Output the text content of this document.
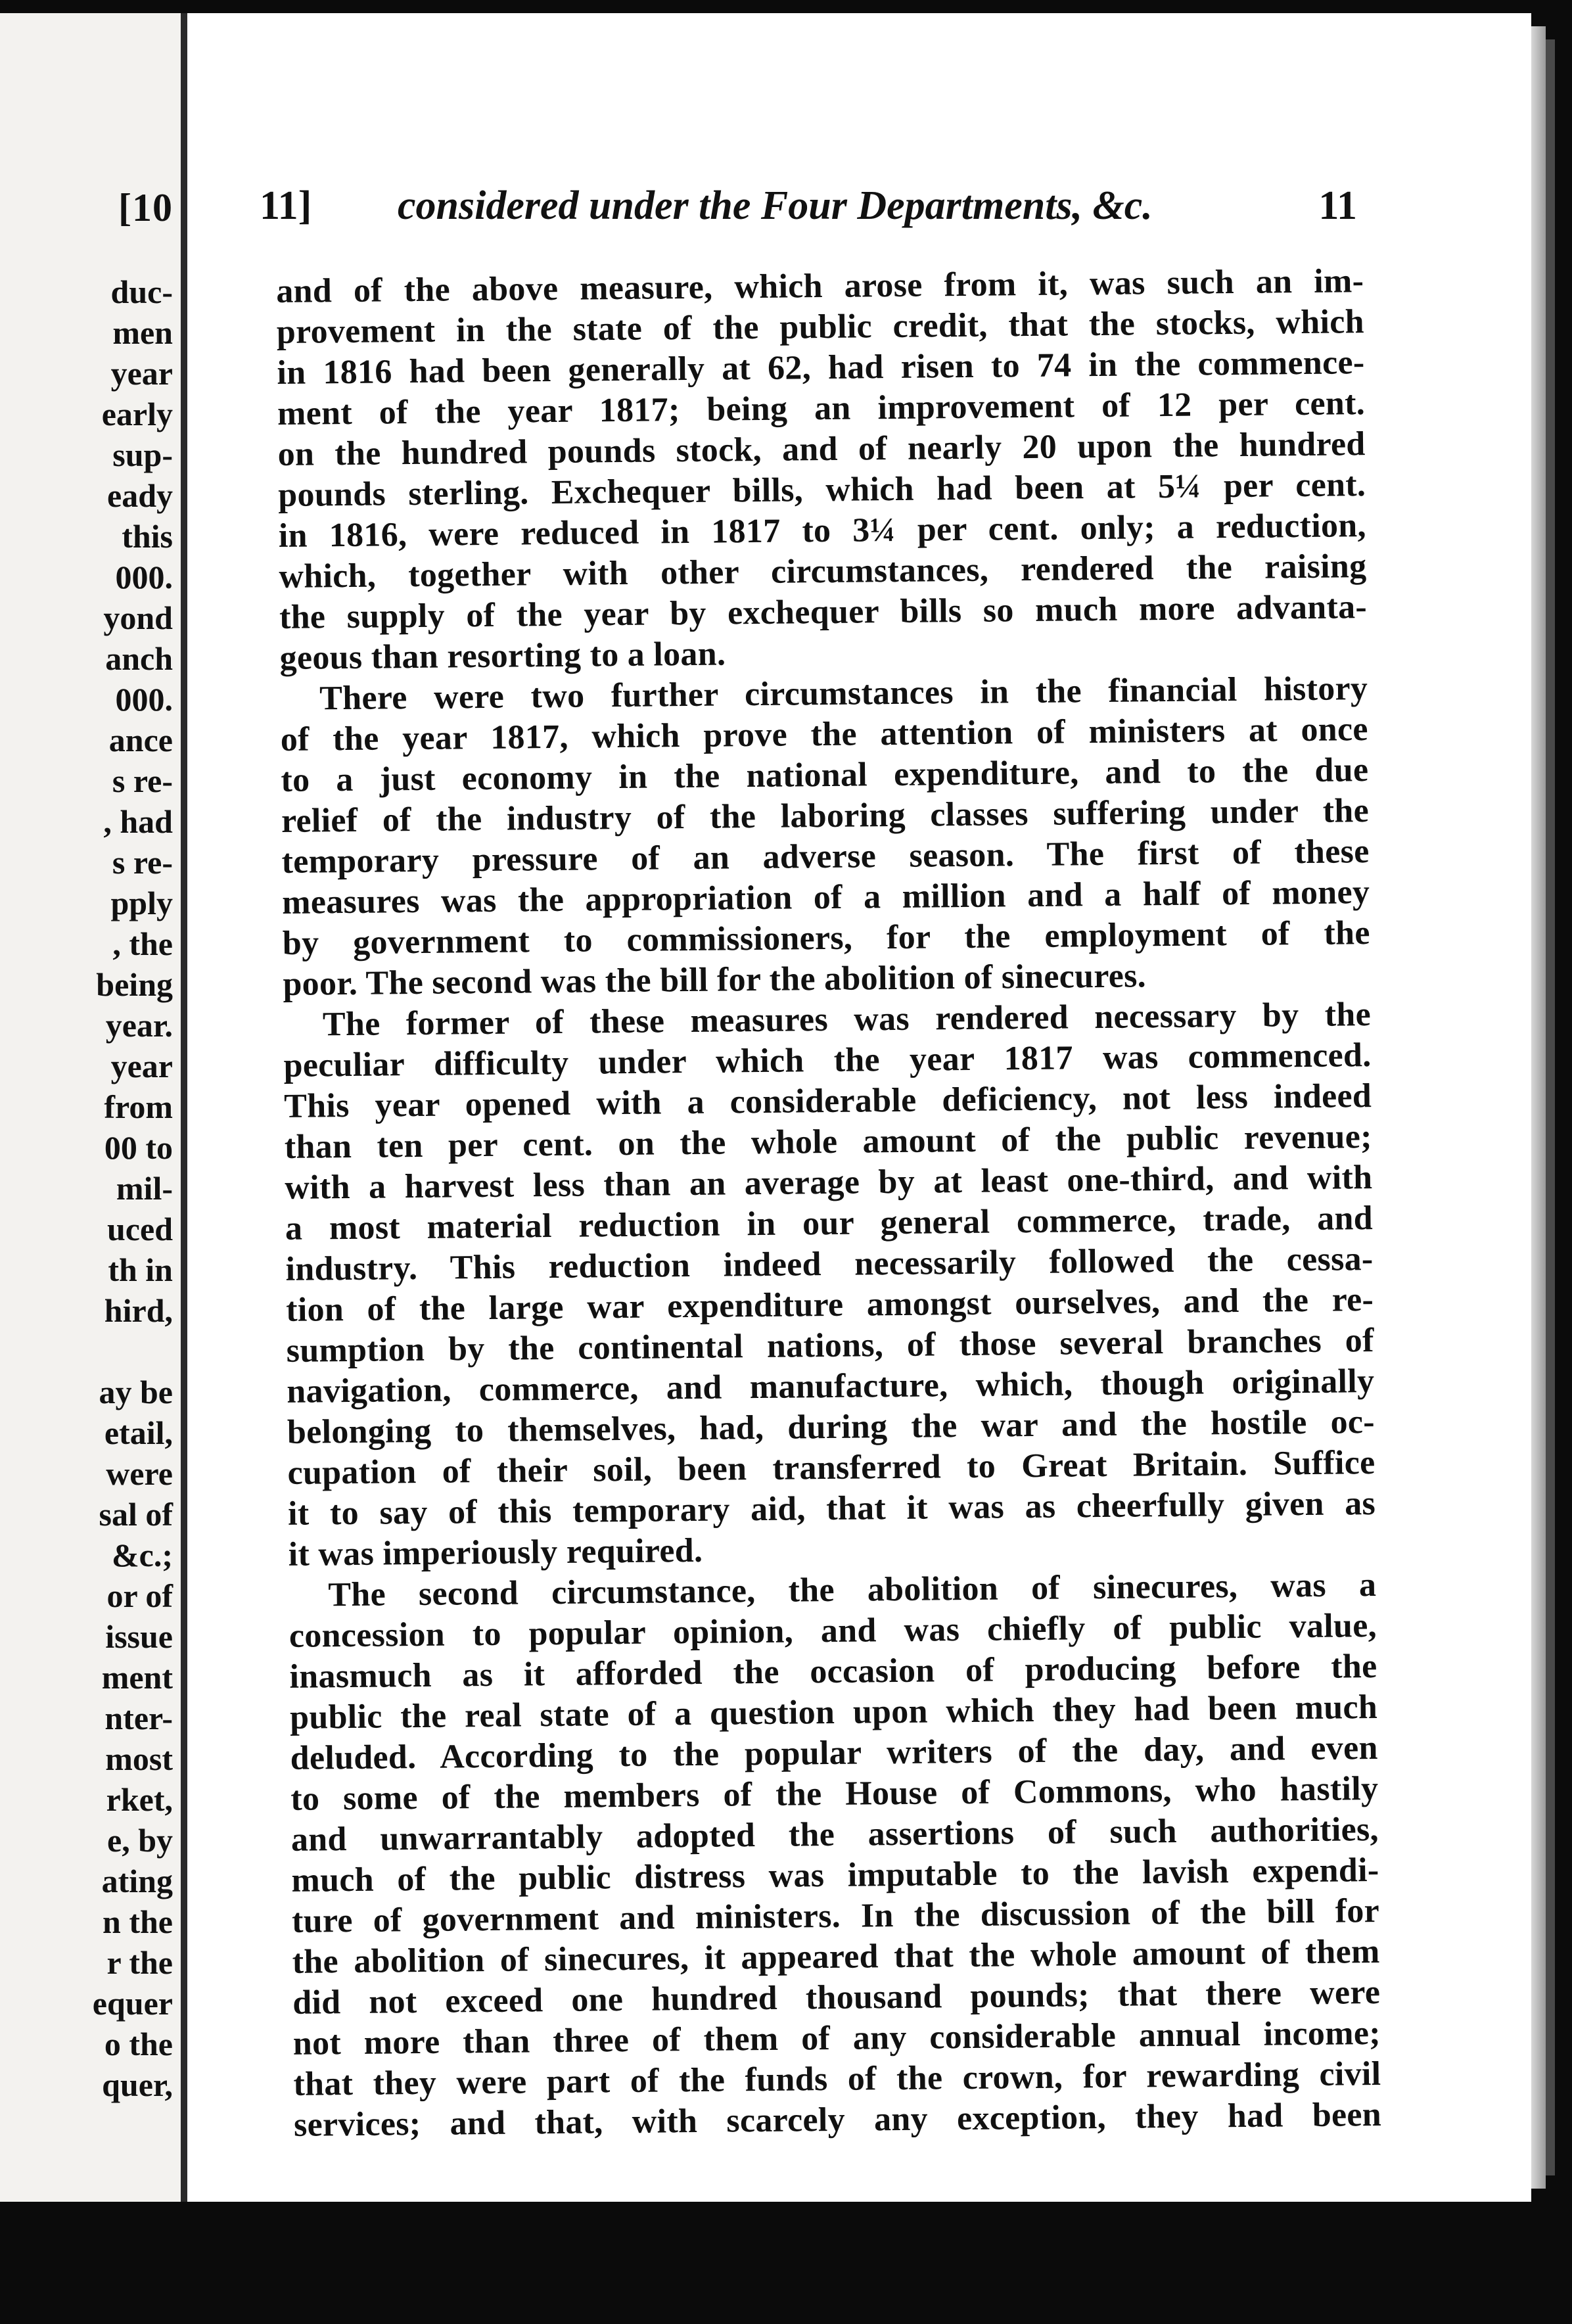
[10
duc-
men
year
early
sup-
eady
this
000.
yond
anch
000.
ance
s re-
, had
s re-
pply
, the
being
year.
year
from
00 to
mil-
uced
th in
hird,
ay be
etail,
were
sal of
&c.;
or of
issue
ment
nter-
most
rket,
e, by
ating
n the
r the
equer
o the
quer,
11] considered under the Four Departments, &c.	11
and of the above measure, which arose from it, was such an im-
provement in the state of the public credit, that the stocks, which
in 1816 had been generally at 62, had risen to 74 in the commence-
ment of the year 1817; being an improvement of 12 per cent.
on the hundred pounds stock, and of nearly 20 upon the hundred
pounds sterling. Exchequer bills, which had been at 5¼ per cent.
in 1816, were reduced in 1817 to 3¼ per cent. only; a reduction,
which, together with other circumstances, rendered the raising
the supply of the year by exchequer bills so much more advanta-
geous than resorting to a loan.
There were two further circumstances in the financial history
of the year 1817, which prove the attention of ministers at once
to a just economy in the national expenditure, and to the due
relief of the industry of the laboring classes suffering under the
temporary pressure of an adverse season. The first of these
measures was the appropriation of a million and a half of money
by government to commissioners, for the employment of the
poor. The second was the bill for the abolition of sinecures.
The former of these measures was rendered necessary by the
peculiar difficulty under which the year 1817 was commenced.
This year opened with a considerable deficiency, not less indeed
than ten per cent. on the whole amount of the public revenue;
with a harvest less than an average by at least one-third, and with
a most material reduction in our general commerce, trade, and
industry. This reduction indeed necessarily followed the cessa-
tion of the large war expenditure amongst ourselves, and the re-
sumption by the continental nations, of those several branches of
navigation, commerce, and manufacture, which, though originally
belonging to themselves, had, during the war and the hostile oc-
cupation of their soil, been transferred to Great Britain. Suffice
it to say of this temporary aid, that it was as cheerfully given as
it was imperiously required.
The second circumstance, the abolition of sinecures, was a
concession to popular opinion, and was chiefly of public value,
inasmuch as it afforded the occasion of producing before the
public the real state of a question upon which they had been much
deluded. According to the popular writers of the day, and even
to some of the members of the House of Commons, who hastily
and unwarrantably adopted the assertions of such authorities,
much of the public distress was imputable to the lavish expendi-
ture of government and ministers. In the discussion of the bill for
the abolition of sinecures, it appeared that the whole amount of them
did not exceed one hundred thousand pounds; that there were
not more than three of them of any considerable annual income;
that they were part of the funds of the crown, for rewarding civil
services; and that, with scarcely any exception, they had been
